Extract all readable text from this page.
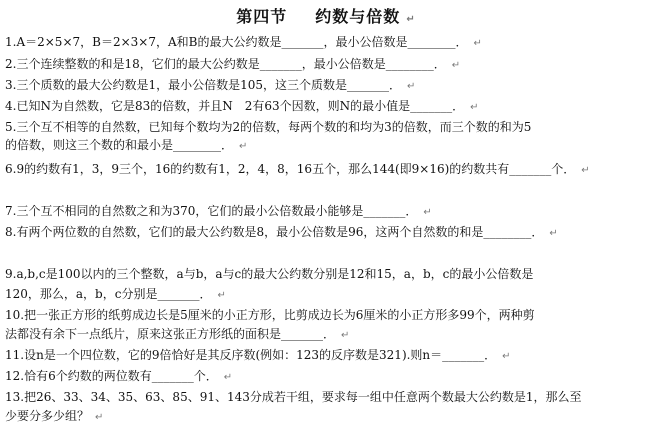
第四节 约数与倍数 ↵
1.A＝2×5×7，B＝2×3×7，A和B的最大公约数是_______，最小公倍数是________． ↵
2.三个连续整数的和是18，它们的最大公约数是_______，最小公倍数是________． ↵
3.三个质数的最大公约数是1，最小公倍数是105，这三个质数是_______． ↵
4.已知N为自然数，它是83的倍数，并且N　2有63个因数，则N的最小值是_______． ↵
5.三个互不相等的自然数，已知每个数均为2的倍数，每两个数的和均为3的倍数，而三个数的和为5
的倍数，则这三个数的和最小是________． ↵
6.9的约数有1，3，9三个，16的约数有1，2，4，8，16五个，那么144(即9×16)的约数共有_______个． ↵
7.三个互不相同的自然数之和为370，它们的最小公倍数最小能够是_______． ↵
8.有两个两位数的自然数，它们的最大公约数是8，最小公倍数是96，这两个自然数的和是________． ↵
9.a,b,c是100以内的三个整数，a与b，a与c的最大公约数分别是12和15，a，b，c的最小公倍数是
120，那么，a，b，c分别是_______． ↵
10.把一张正方形的纸剪成边长是5厘米的小正方形，比剪成边长为6厘米的小正方形多99个，两种剪
法都没有余下一点纸片，原来这张正方形纸的面积是_______． ↵
11.设n是一个四位数，它的9倍恰好是其反序数(例如：123的反序数是321).则n＝_______． ↵
12.恰有6个约数的两位数有_______个． ↵
13.把26、33、34、35、63、85、91、143分成若干组，要求每一组中任意两个数最大公约数是1，那么至
少要分多少组？ ↵
